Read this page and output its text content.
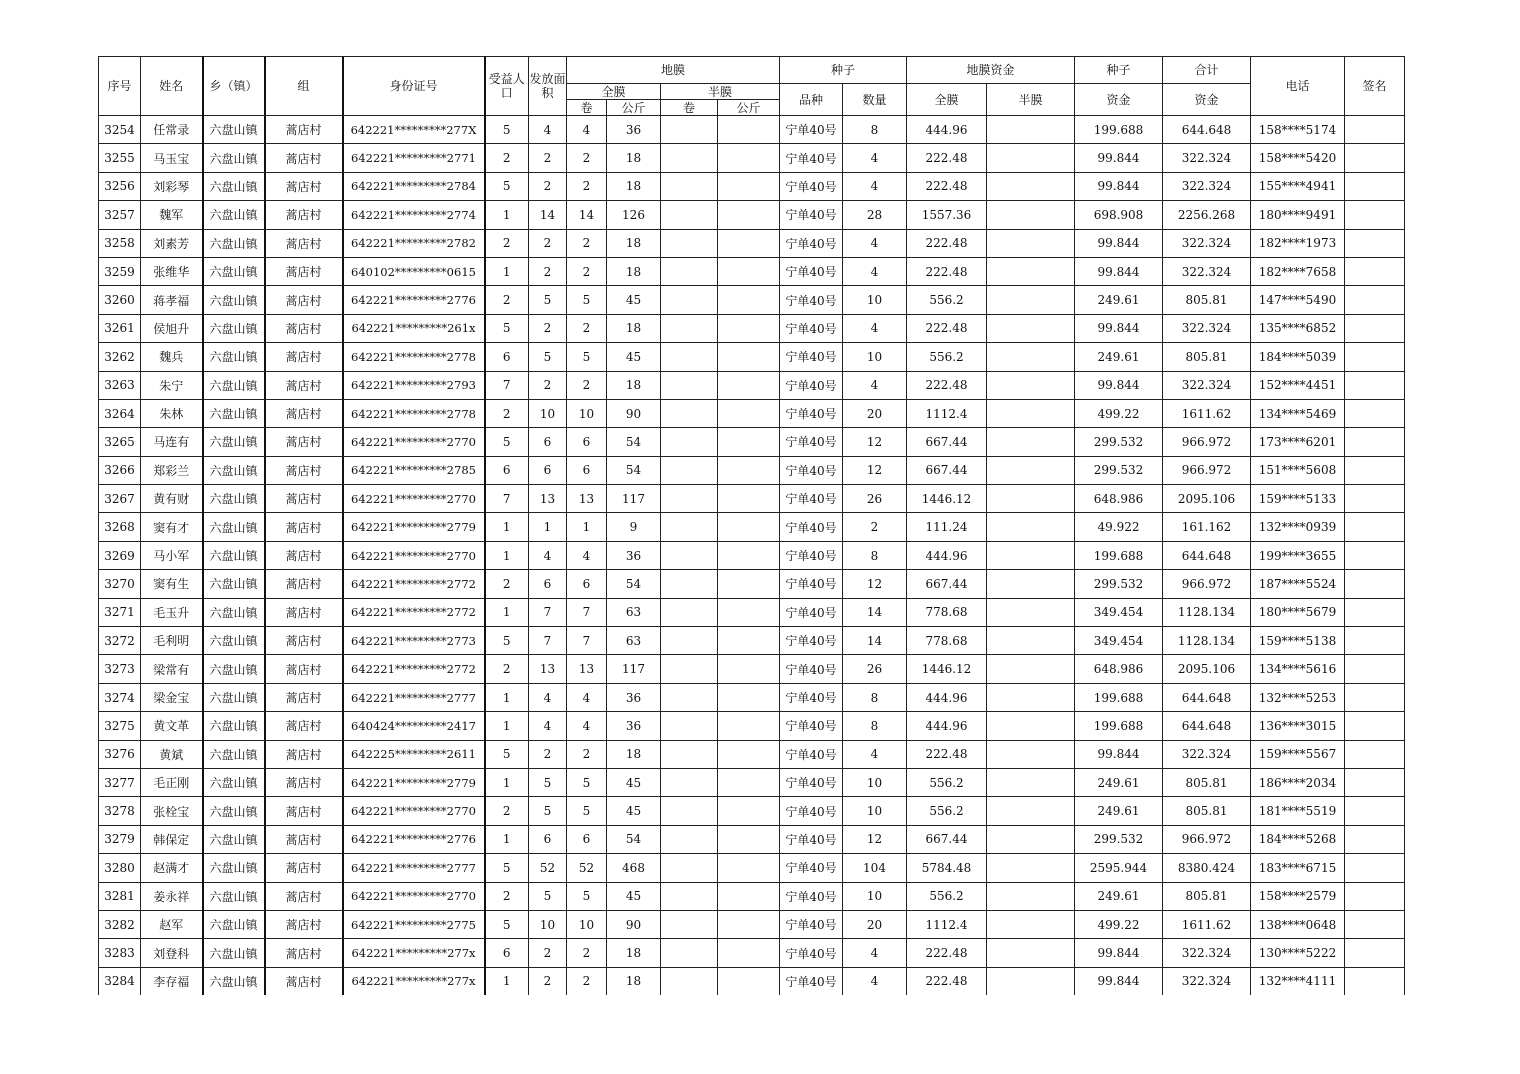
序号	姓名	乡（镇）	组	身份证号	受益人口	发放面积	地膜				种子		地膜资金		种子	合计	电话	签名
							全膜		半膜		品种	数量	全膜	半膜	资金	资金		
							卷	公斤	卷	公斤								
3254	任常录	六盘山镇	蒿店村	642221*********277X	5	4	4	36			宁单40号	8	444.96		199.688	644.648	158****5174	
3255	马玉宝	六盘山镇	蒿店村	642221*********2771	2	2	2	18			宁单40号	4	222.48		99.844	322.324	158****5420	
3256	刘彩琴	六盘山镇	蒿店村	642221*********2784	5	2	2	18			宁单40号	4	222.48		99.844	322.324	155****4941	
3257	魏军	六盘山镇	蒿店村	642221*********2774	1	14	14	126			宁单40号	28	1557.36		698.908	2256.268	180****9491	
3258	刘素芳	六盘山镇	蒿店村	642221*********2782	2	2	2	18			宁单40号	4	222.48		99.844	322.324	182****1973	
3259	张维华	六盘山镇	蒿店村	640102*********0615	1	2	2	18			宁单40号	4	222.48		99.844	322.324	182****7658	
3260	蒋孝福	六盘山镇	蒿店村	642221*********2776	2	5	5	45			宁单40号	10	556.2		249.61	805.81	147****5490	
3261	侯旭升	六盘山镇	蒿店村	642221*********261x	5	2	2	18			宁单40号	4	222.48		99.844	322.324	135****6852	
3262	魏兵	六盘山镇	蒿店村	642221*********2778	6	5	5	45			宁单40号	10	556.2		249.61	805.81	184****5039	
3263	朱宁	六盘山镇	蒿店村	642221*********2793	7	2	2	18			宁单40号	4	222.48		99.844	322.324	152****4451	
3264	朱林	六盘山镇	蒿店村	642221*********2778	2	10	10	90			宁单40号	20	1112.4		499.22	1611.62	134****5469	
3265	马连有	六盘山镇	蒿店村	642221*********2770	5	6	6	54			宁单40号	12	667.44		299.532	966.972	173****6201	
3266	郑彩兰	六盘山镇	蒿店村	642221*********2785	6	6	6	54			宁单40号	12	667.44		299.532	966.972	151****5608	
3267	黄有财	六盘山镇	蒿店村	642221*********2770	7	13	13	117			宁单40号	26	1446.12		648.986	2095.106	159****5133	
3268	窦有才	六盘山镇	蒿店村	642221*********2779	1	1	1	9			宁单40号	2	111.24		49.922	161.162	132****0939	
3269	马小军	六盘山镇	蒿店村	642221*********2770	1	4	4	36			宁单40号	8	444.96		199.688	644.648	199****3655	
3270	窦有生	六盘山镇	蒿店村	642221*********2772	2	6	6	54			宁单40号	12	667.44		299.532	966.972	187****5524	
3271	毛玉升	六盘山镇	蒿店村	642221*********2772	1	7	7	63			宁单40号	14	778.68		349.454	1128.134	180****5679	
3272	毛利明	六盘山镇	蒿店村	642221*********2773	5	7	7	63			宁单40号	14	778.68		349.454	1128.134	159****5138	
3273	梁常有	六盘山镇	蒿店村	642221*********2772	2	13	13	117			宁单40号	26	1446.12		648.986	2095.106	134****5616	
3274	梁金宝	六盘山镇	蒿店村	642221*********2777	1	4	4	36			宁单40号	8	444.96		199.688	644.648	132****5253	
3275	黄文革	六盘山镇	蒿店村	640424*********2417	1	4	4	36			宁单40号	8	444.96		199.688	644.648	136****3015	
3276	黄斌	六盘山镇	蒿店村	642225*********2611	5	2	2	18			宁单40号	4	222.48		99.844	322.324	159****5567	
3277	毛正刚	六盘山镇	蒿店村	642221*********2779	1	5	5	45			宁单40号	10	556.2		249.61	805.81	186****2034	
3278	张栓宝	六盘山镇	蒿店村	642221*********2770	2	5	5	45			宁单40号	10	556.2		249.61	805.81	181****5519	
3279	韩保定	六盘山镇	蒿店村	642221*********2776	1	6	6	54			宁单40号	12	667.44		299.532	966.972	184****5268	
3280	赵满才	六盘山镇	蒿店村	642221*********2777	5	52	52	468			宁单40号	104	5784.48		2595.944	8380.424	183****6715	
3281	姜永祥	六盘山镇	蒿店村	642221*********2770	2	5	5	45			宁单40号	10	556.2		249.61	805.81	158****2579	
3282	赵军	六盘山镇	蒿店村	642221*********2775	5	10	10	90			宁单40号	20	1112.4		499.22	1611.62	138****0648	
3283	刘登科	六盘山镇	蒿店村	642221*********277x	6	2	2	18			宁单40号	4	222.48		99.844	322.324	130****5222	
3284	李存福	六盘山镇	蒿店村	642221*********277x	1	2	2	18			宁单40号	4	222.48		99.844	322.324	132****4111	
